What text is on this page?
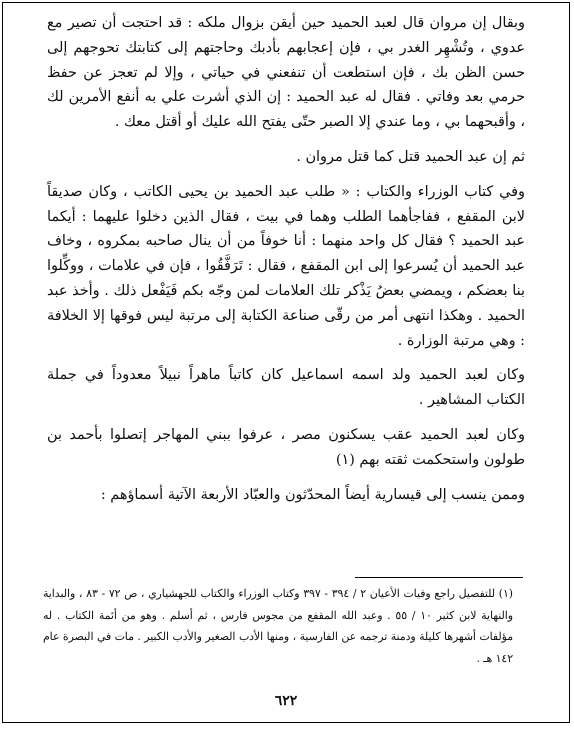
وبقال إن مروان قال لعبد الحميد حين أيقن بزوال ملكه : قد احتجت أن تصير مع عدوي ، وتُشْهِر الغدر بي ، فإن إعجابهم بأدبك وحاجتهم إلى كتابتك تحوجهم إلى حسن الظن بك ، فإن استطعت أن تنفعني في حياتي ، وإلا لم تعجز عن حفظ حرمي بعد وفاتي . فقال له عبد الحميد : إن الذي أشرت علي به أنفع الأمرين لك ، وأقبحهما بي ، وما عندي إلا الصبر حتّى يفتح الله عليك أو أقتل معك .

ثم إن عبد الحميد قتل كما قتل مروان .

وفي كتاب الوزراء والكتاب : « طلب عبد الحميد بن يحيى الكاتب ، وكان صديقاً لابن المقفع ، ففاجأهما الطلب وهما في بيت ، فقال الذين دخلوا عليهما : أيكما عبد الحميد ؟ فقال كل واحد منهما : أنا خوفاً من أن ينال صاحبه بمكروه ، وخاف عبد الحميد أن يُسرعوا إلى ابن المقفع ، فقال : تَرَفَّقُوا ، فإن في علامات ، ووكِّلوا بنا بعضكم ، ويمضي بعضُ يَذْكر تلك العلامات لمن وجّه بكم فَيَفْعل ذلك . وأخذ عبد الحميد . وهكذا انتهى أمر من رقّى صناعة الكتابة إلى مرتبة ليس فوقها إلا الخلافة : وهي مرتبة الوزارة .

وكان لعبد الحميد ولد اسمه اسماعيل كان كاتباً ماهراً نبيلاً معدوداً في جملة الكتاب المشاهير .

وكان لعبد الحميد عقب يسكنون مصر ، عرفوا ببني المهاجر إتصلوا بأحمد بن طولون واستحكمت ثقته بهم (١)

وممن ينسب إلى قيسارية أيضاً المحدّثون والعبّاد الأربعة الآتية أسماؤهم :

(١) للتفصيل راجع وفيات الأعيان ٢ / ٣٩٤ - ٣٩٧ وكتاب الوزراء والكتاب للجهشياري ، ص ٧٢ - ٨٣ ، والبداية والنهاية لابن كثير ١٠ / ٥٥ . وعبد الله المقفع من مجوس فارس ، ثم أسلم . وهو من أئمة الكتاب . له مؤلفات أشهرها كليلة ودمنة ترجمه عن الفارسية ، ومنها الأدب الصغير والأدب الكبير . مات في البصرة عام ١٤٢ هـ .
٦٢٢
